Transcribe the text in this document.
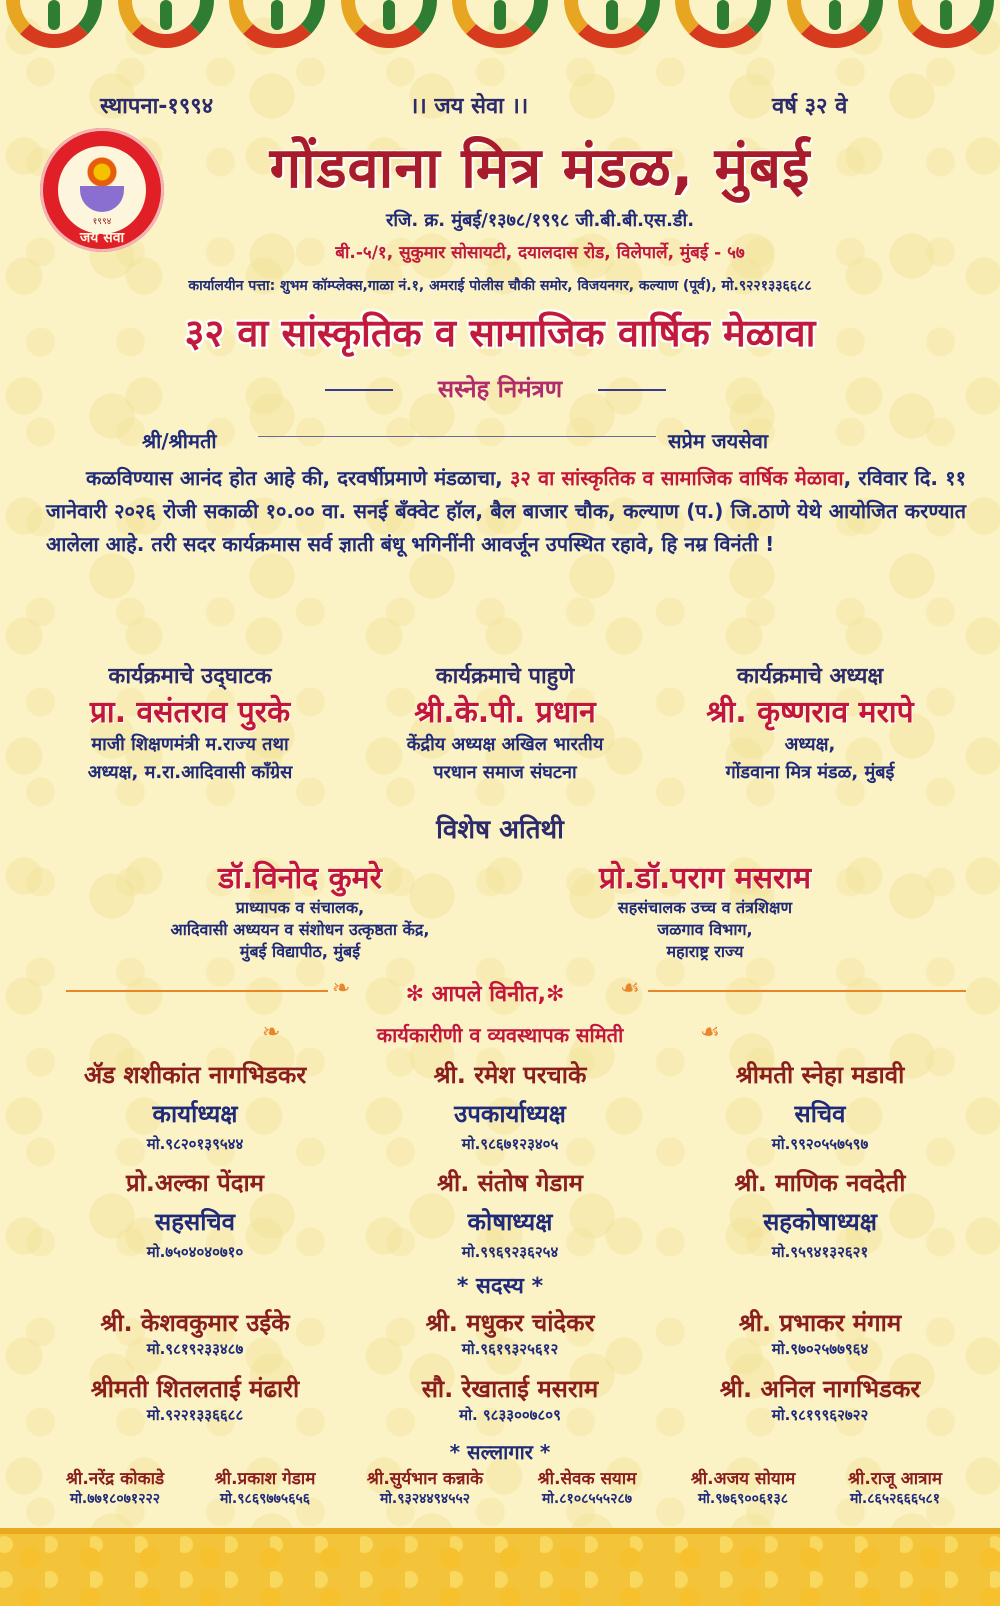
स्थापना-१९९४	।। जय सेवा ।।	वर्ष ३२ वे
१९९४
जय सेवा
गोंडवाना मित्र मंडळ, मुंबई
रजि. क्र. मुंबई/१३७८/१९९८ जी.बी.बी.एस.डी.
बी.-५/१, सुकुमार सोसायटी, दयालदास रोड, विलेपार्ले, मुंबई - ५७
कार्यालयीन पत्ता: शुभम कॉम्प्लेक्स,गाळा नं.१, अमराई पोलीस चौकी समोर, विजयनगर, कल्याण (पूर्व), मो.९२२१३३६६८८
३२ वा सांस्कृतिक व सामाजिक वार्षिक मेळावा
सस्नेह निमंत्रण
श्री/श्रीमती	सप्रेम जयसेवा
कळविण्यास आनंद होत आहे की, दरवर्षीप्रमाणे मंडळाचा, ३२ वा सांस्कृतिक व सामाजिक वार्षिक मेळावा, रविवार दि. ११ जानेवारी २०२६ रोजी सकाळी १०.०० वा. सनई बँक्वेट हॉल, बैल बाजार चौक, कल्याण (प.) जि.ठाणे येथे आयोजित करण्यात आलेला आहे. तरी सदर कार्यक्रमास सर्व ज्ञाती बंधू भगिनींनी आवर्जून उपस्थित रहावे, हि नम्र विनंती !
कार्यक्रमाचे उद्‌घाटक
प्रा. वसंतराव पुरके
माजी शिक्षणमंत्री म.राज्य तथा
अध्यक्ष, म.रा.आदिवासी कॉंग्रेस
कार्यक्रमाचे पाहुणे
श्री.के.पी. प्रधान
केंद्रीय अध्यक्ष अखिल भारतीय
परधान समाज संघटना
कार्यक्रमाचे अध्यक्ष
श्री. कृष्णराव मरापे
अध्यक्ष,
गोंडवाना मित्र मंडळ, मुंबई
विशेष अतिथी
डॉ.विनोद कुमरे
प्राध्यापक व संचालक,
आदिवासी अध्ययन व संशोधन उत्कृष्ठता केंद्र,
मुंबई विद्यापीठ, मुंबई
प्रो.डॉ.पराग मसराम
सहसंचालक उच्च व तंत्रशिक्षण
जळगाव विभाग,
महाराष्ट्र राज्य
❧	✻ आपले विनीत,✻	☙
❧	कार्यकारीणी व व्यवस्थापक समिती	☙
ॲड शशीकांत नागभिडकर
कार्याध्यक्ष
मो.९८२०१३९५४४
श्री. रमेश परचाके
उपकार्याध्यक्ष
मो.९८६७१२३४०५
श्रीमती स्नेहा मडावी
सचिव
मो.९९२०५५७५९७
प्रो.अल्का पेंदाम
सहसचिव
मो.७५०४०४०७१०
श्री. संतोष गेडाम
कोषाध्यक्ष
मो.९९६९२३६२५४
श्री. माणिक नवदेती
सहकोषाध्यक्ष
मो.९५९४१३२६२१
* सदस्य *
श्री. केशवकुमार उईके
मो.९८१९२३३४८७
श्री. मधुकर चांदेकर
मो.९६१९३२५६१२
श्री. प्रभाकर मंगाम
मो.९७०२५७७९६४
श्रीमती शितलताई मंढारी
मो.९२२१३३६६८८
सौ. रेखाताई मसराम
मो. ९८३३००७८०९
श्री. अनिल नागभिडकर
मो.९८१९९६२७२२
* सल्लागार *
श्री.नरेंद्र कोकाडे
मो.७७१८०७१२२२
श्री.प्रकाश गेडाम
मो.९८६९७७५६५६
श्री.सुर्यभान कन्नाके
मो.९३२४४९४५५२
श्री.सेवक सयाम
मो.८१०८५५५२८७
श्री.अजय सोयाम
मो.९७६९००६१३८
श्री.राजू आत्राम
मो.८६५२६६६५८१
